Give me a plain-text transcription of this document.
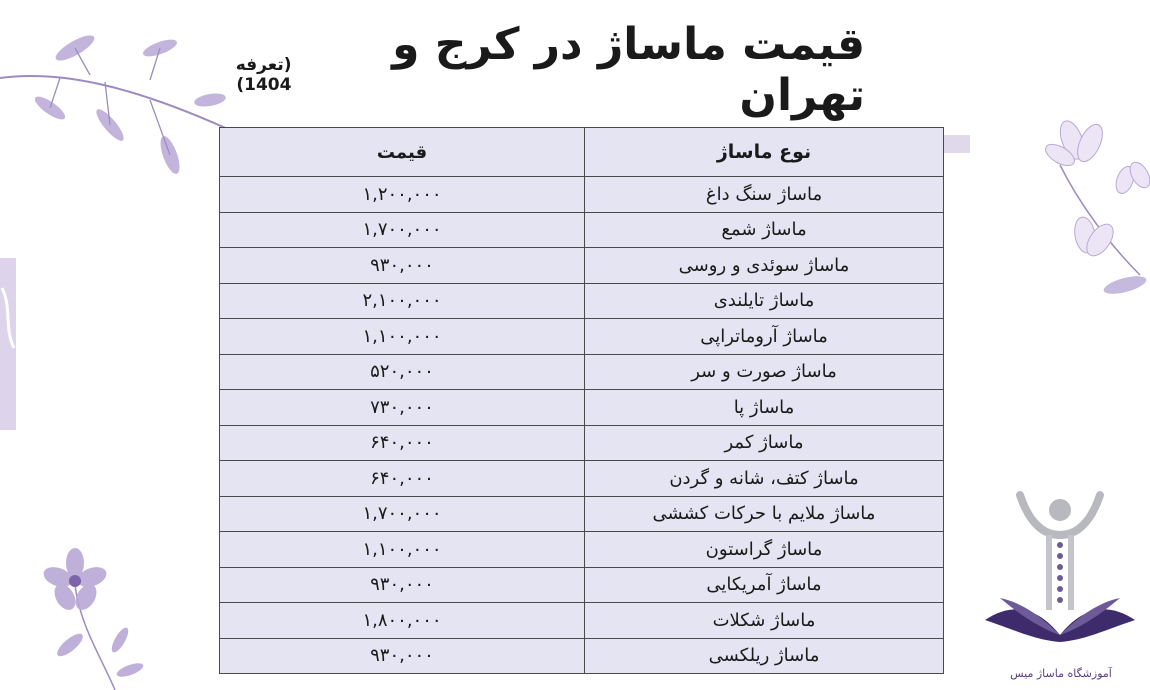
قیمت ماساژ در کرج و تهران
(تعرفه 1404)
نوع ماساژ	قیمت
ماساژ سنگ داغ	۱,۲۰۰,۰۰۰
ماساژ شمع	۱,۷۰۰,۰۰۰
ماساژ سوئدی و روسی	۹۳۰,۰۰۰
ماساژ تایلندی	۲,۱۰۰,۰۰۰
ماساژ آروماتراپی	۱,۱۰۰,۰۰۰
ماساژ صورت و سر	۵۲۰,۰۰۰
ماساژ پا	۷۳۰,۰۰۰
ماساژ کمر	۶۴۰,۰۰۰
ماساژ کتف، شانه و گردن	۶۴۰,۰۰۰
ماساژ ملایم با حرکات کششی	۱,۷۰۰,۰۰۰
ماساژ گراستون	۱,۱۰۰,۰۰۰
ماساژ آمریکایی	۹۳۰,۰۰۰
ماساژ شکلات	۱,۸۰۰,۰۰۰
ماساژ ریلکسی	۹۳۰,۰۰۰
آموزشگاه ماساژ میس
